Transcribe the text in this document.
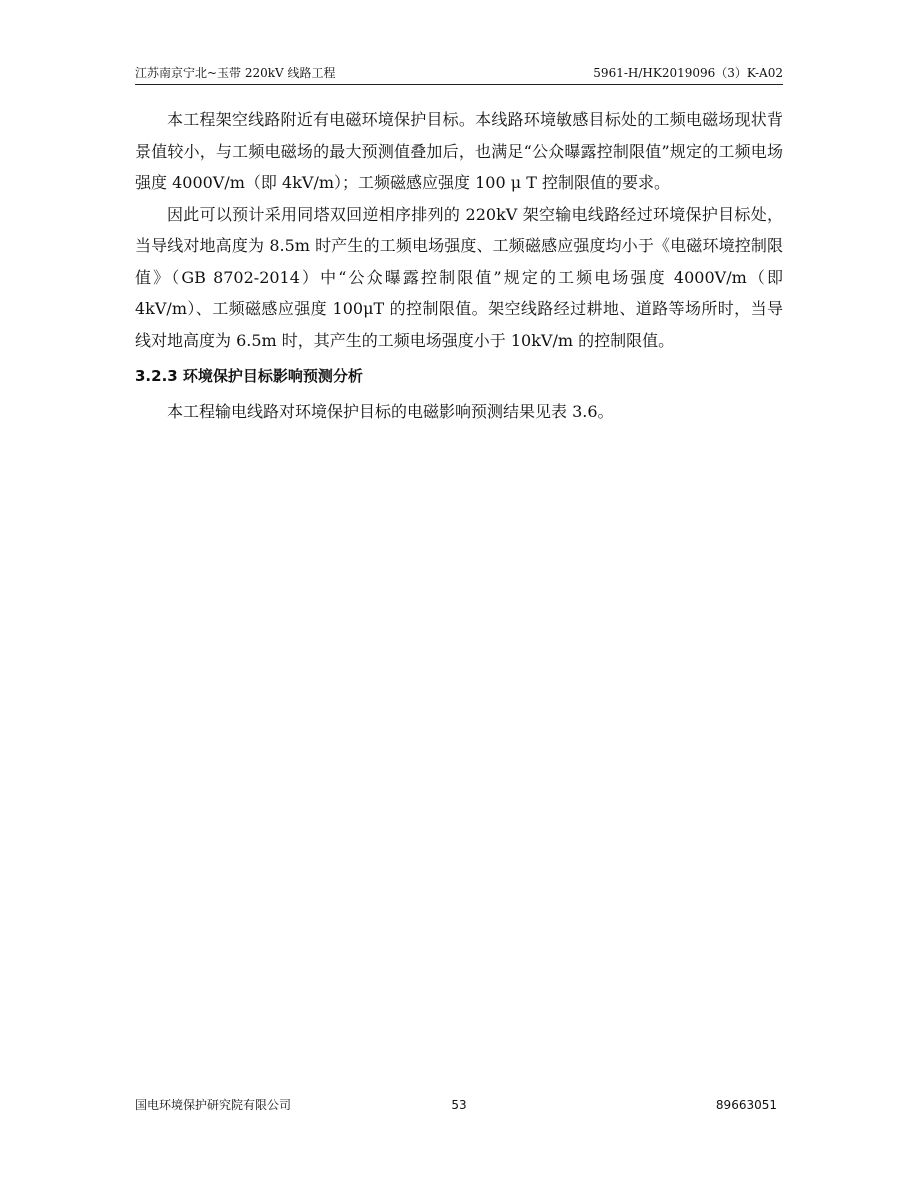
江苏南京宁北~玉带 220kV 线路工程	5961-H/HK2019096（3）K-A02

本工程架空线路附近有电磁环境保护目标。本线路环境敏感目标处的工频电磁场现状背景值较小，与工频电磁场的最大预测值叠加后，也满足“公众曝露控制限值”规定的工频电场强度 4000V/m（即 4kV/m）；工频磁感应强度 100 μ T 控制限值的要求。

因此可以预计采用同塔双回逆相序排列的 220kV 架空输电线路经过环境保护目标处，当导线对地高度为 8.5m 时产生的工频电场强度、工频磁感应强度均小于《电磁环境控制限值》（GB 8702-2014）中“公众曝露控制限值”规定的工频电场强度 4000V/m（即 4kV/m）、工频磁感应强度 100μT 的控制限值。架空线路经过耕地、道路等场所时，当导线对地高度为 6.5m 时，其产生的工频电场强度小于 10kV/m 的控制限值。

3.2.3 环境保护目标影响预测分析

本工程输电线路对环境保护目标的电磁影响预测结果见表 3.6。

国电环境保护研究院有限公司	53	89663051
